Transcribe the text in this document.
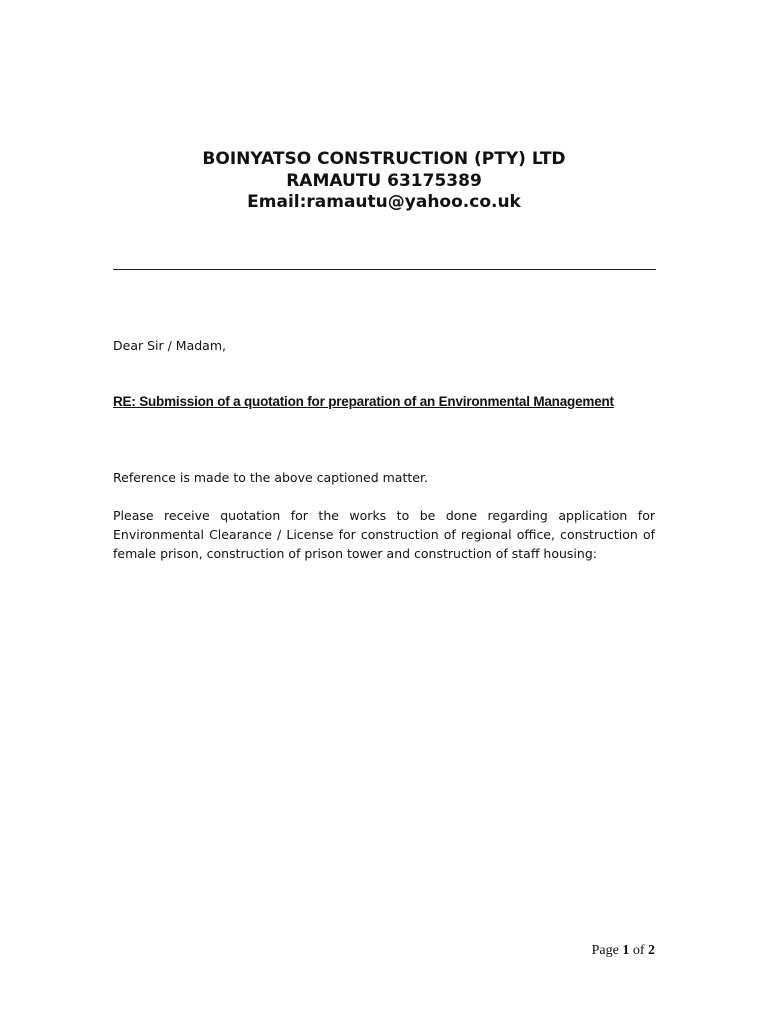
BOINYATSO CONSTRUCTION (PTY) LTD
RAMAUTU 63175389
Email:ramautu@yahoo.co.uk
Dear Sir / Madam,
RE: Submission of a quotation for preparation of an Environmental Management
Reference is made to the above captioned matter.
Please receive quotation for the works to be done regarding application for Environmental Clearance / License for construction of regional office, construction of female prison, construction of prison tower and construction of staff housing:
Page 1 of 2
